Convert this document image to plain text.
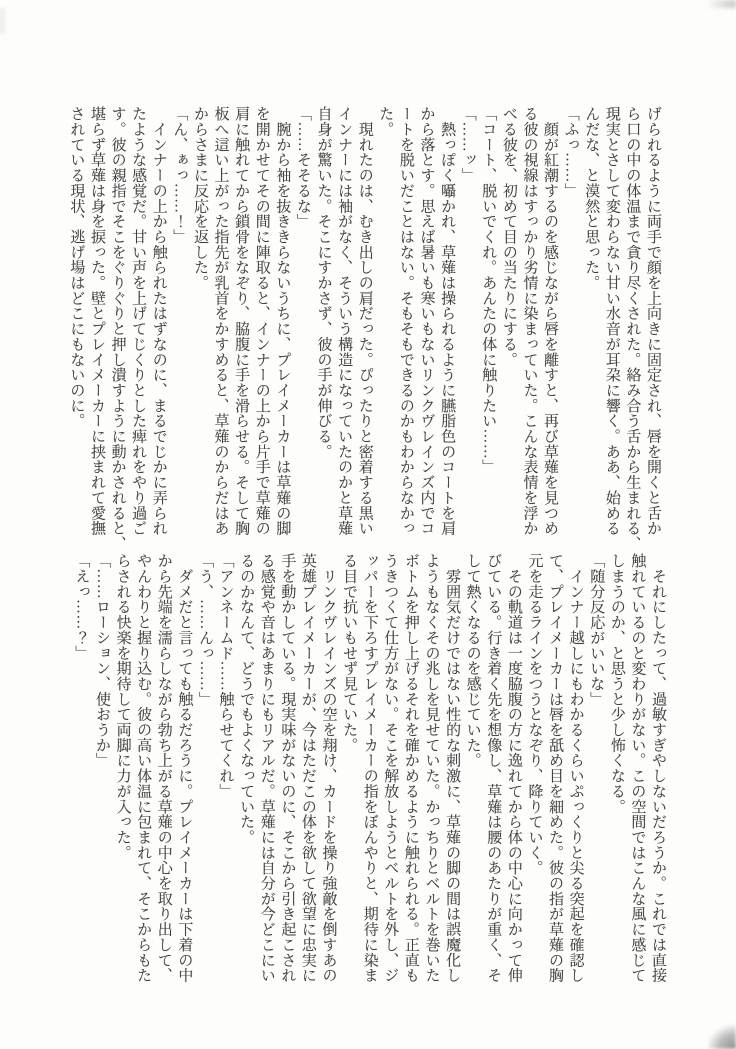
げられるように両手で顔を上向きに固定され、唇を開くと舌か
ら口の中の体温まで貪り尽くされた。絡み合う舌から生まれる、
現実とさして変わらない甘い水音が耳朶に響く。ああ、始める
んだな、と漠然と思った。
「ふっ……」
　顔が紅潮するのを感じながら唇を離すと、再び草薙を見つめ
る彼の視線はすっかり劣情に染まっていた。こんな表情を浮か
べる彼を、初めて目の当たりにする。
「コート、脱いでくれ。あんたの体に触りたい……」
「……ッ」
　熱っぽく囁かれ、草薙は操られるように臙脂色のコートを肩
から落とす。思えば暑いも寒いもないリンクヴレインズ内でコ
ートを脱いだことはない。そもそもできるのかもわからなかっ
た。
　現れたのは、むき出しの肩だった。ぴったりと密着する黒い
インナーには袖がなく、そういう構造になっていたのかと草薙
自身が驚いた。そこにすかさず、彼の手が伸びる。
「……そそるな」
　腕から袖を抜ききらないうちに、プレイメーカーは草薙の脚
を開かせてその間に陣取ると、インナーの上から片手で草薙の
肩に触れてから鎖骨をなぞり、脇腹に手を滑らせる。そして胸
板へ這い上がった指先が乳首をかすめると、草薙のからだはあ
からさまに反応を返した。
「ん、ぁっ……！」
　インナーの上から触られたはずなのに、まるでじかに弄られ
たような感覚だ。甘い声を上げてじくりとした痺れをやり過ご
す。彼の親指でそこをぐりぐりと押し潰すように動かされると、
堪らず草薙は身を捩った。壁とプレイメーカーに挟まれて愛撫
されている現状、逃げ場はどこにもないのに。
　それにしたって、過敏すぎやしないだろうか。これでは直接
触れているのと変わりがない。この空間ではこんな風に感じて
しまうのか、と思うと少し怖くなる。
「随分反応がいいな」
　インナー越しにもわかるくらいぷっくりと尖る突起を確認し
て、プレイメーカーは唇を舐め目を細めた。彼の指が草薙の胸
元を走るラインをつうとなぞり、降りていく。
　その軌道は一度脇腹の方に逸れてから体の中心に向かって伸
びている。行き着く先を想像し、草薙は腰のあたりが重く、そ
して熱くなるのを感じていた。
　雰囲気だけではない性的な刺激に、草薙の脚の間は誤魔化し
ようもなくその兆しを見せていた。かっちりとベルトを巻いた
ボトムを押し上げるそれを確かめるように触れられる。正直も
うきつくて仕方がない。そこを解放しようとベルトを外し、ジ
ッパーを下ろすプレイメーカーの指をぼんやりと、期待に染ま
る目で抗いもせず見ていた。
　リンクヴレインズの空を翔け、カードを操り強敵を倒すあの
英雄プレイメーカーが、今はただこの体を欲して欲望に忠実に
手を動かしている。現実味がないのに、そこから引き起こされ
る感覚や音はあまりにもリアルだ。草薙には自分が今どこにい
るのかなんて、どうでもよくなっていた。
「アンネームド……触らせてくれ」
「う、……んっ……」
　ダメだと言っても触るだろうに。プレイメーカーは下着の中
から先端を濡らしながら勃ち上がる草薙の中心を取り出して、
やんわりと握り込む。彼の高い体温に包まれて、そこからもた
らされる快楽を期待して両脚に力が入った。
「……ローション、使おうか」
「えっ……？」
